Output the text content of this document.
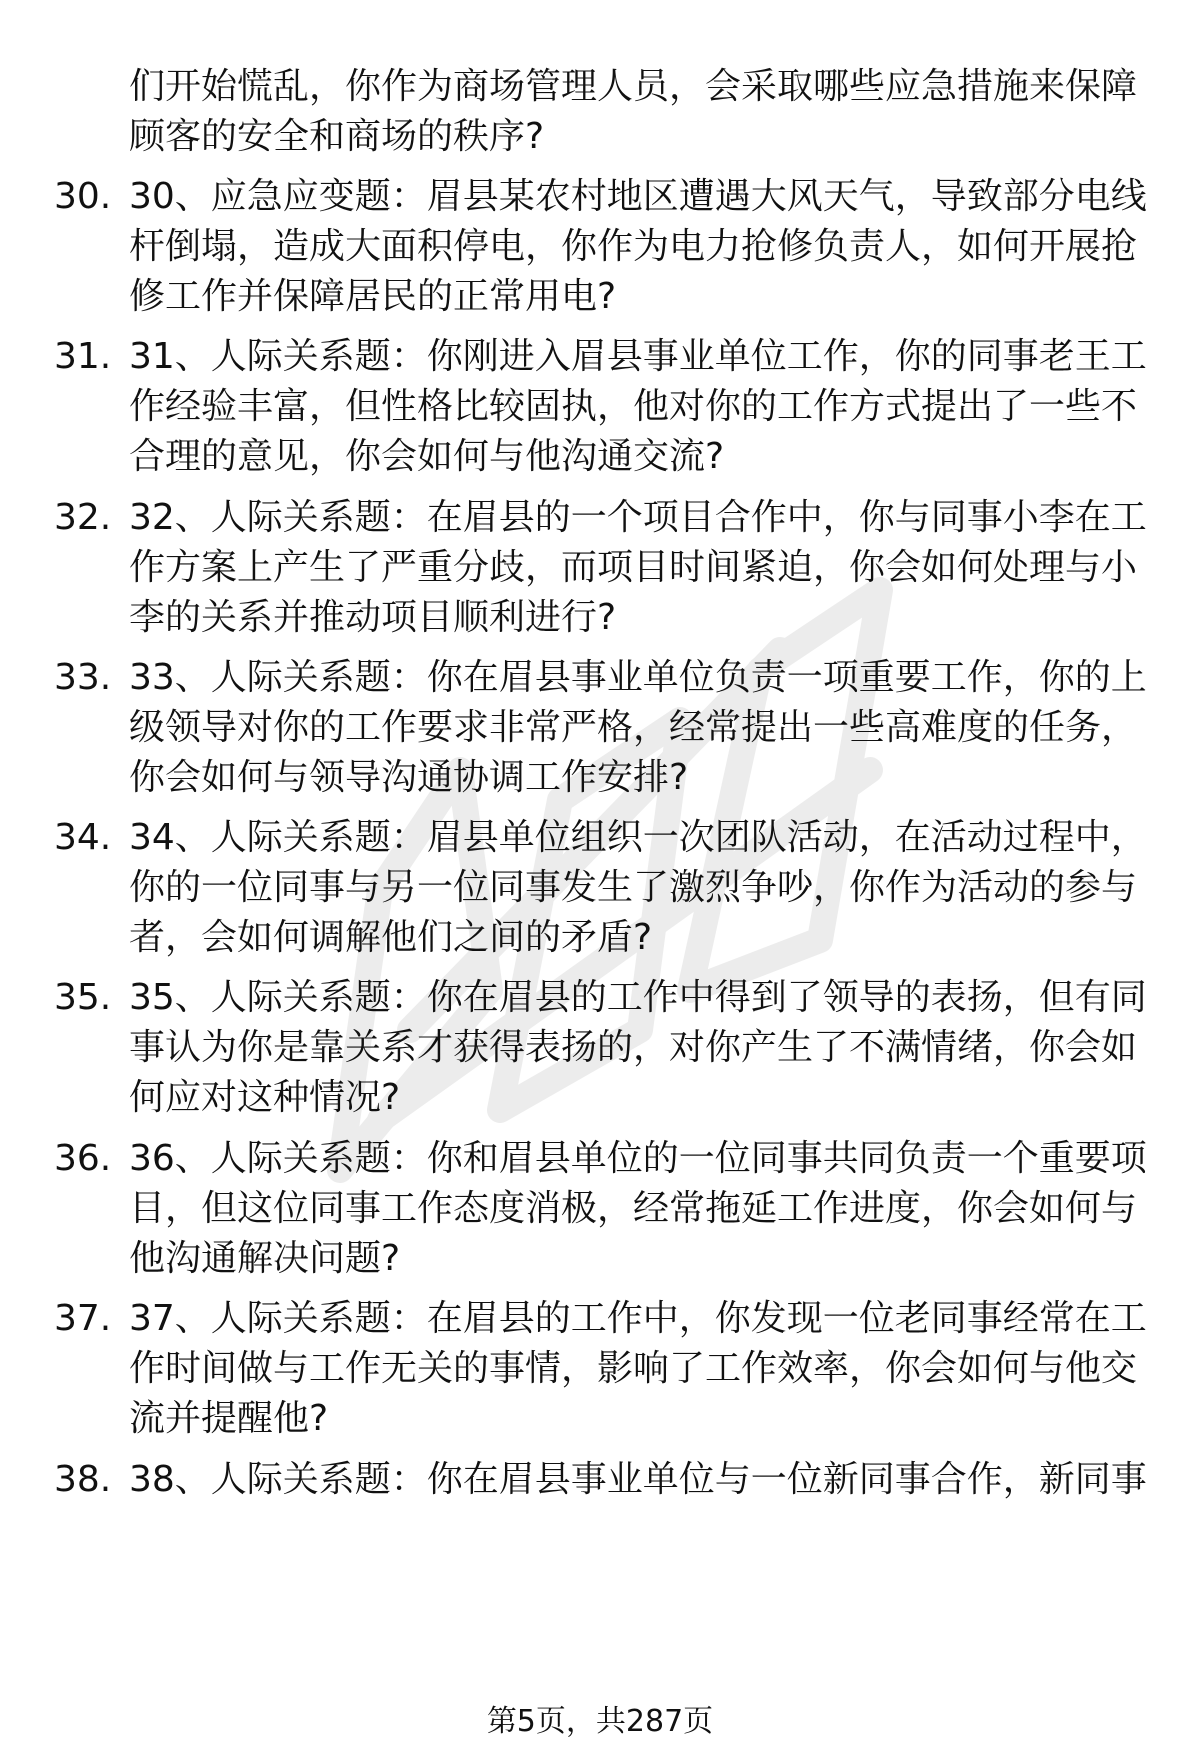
们开始慌乱，你作为商场管理人员，会采取哪些应急措施来保障顾客的安全和商场的秩序?
30. 30、应急应变题：眉县某农村地区遭遇大风天气，导致部分电线杆倒塌，造成大面积停电，你作为电力抢修负责人，如何开展抢修工作并保障居民的正常用电?
31. 31、人际关系题：你刚进入眉县事业单位工作，你的同事老王工作经验丰富，但性格比较固执，他对你的工作方式提出了一些不合理的意见，你会如何与他沟通交流?
32. 32、人际关系题：在眉县的一个项目合作中，你与同事小李在工作方案上产生了严重分歧，而项目时间紧迫，你会如何处理与小李的关系并推动项目顺利进行?
33. 33、人际关系题：你在眉县事业单位负责一项重要工作，你的上级领导对你的工作要求非常严格，经常提出一些高难度的任务，你会如何与领导沟通协调工作安排?
34. 34、人际关系题：眉县单位组织一次团队活动，在活动过程中，你的一位同事与另一位同事发生了激烈争吵，你作为活动的参与者，会如何调解他们之间的矛盾?
35. 35、人际关系题：你在眉县的工作中得到了领导的表扬，但有同事认为你是靠关系才获得表扬的，对你产生了不满情绪，你会如何应对这种情况?
36. 36、人际关系题：你和眉县单位的一位同事共同负责一个重要项目，但这位同事工作态度消极，经常拖延工作进度，你会如何与他沟通解决问题?
37. 37、人际关系题：在眉县的工作中，你发现一位老同事经常在工作时间做与工作无关的事情，影响了工作效率，你会如何与他交流并提醒他?
38. 38、人际关系题：你在眉县事业单位与一位新同事合作，新同事
第5页，共287页
